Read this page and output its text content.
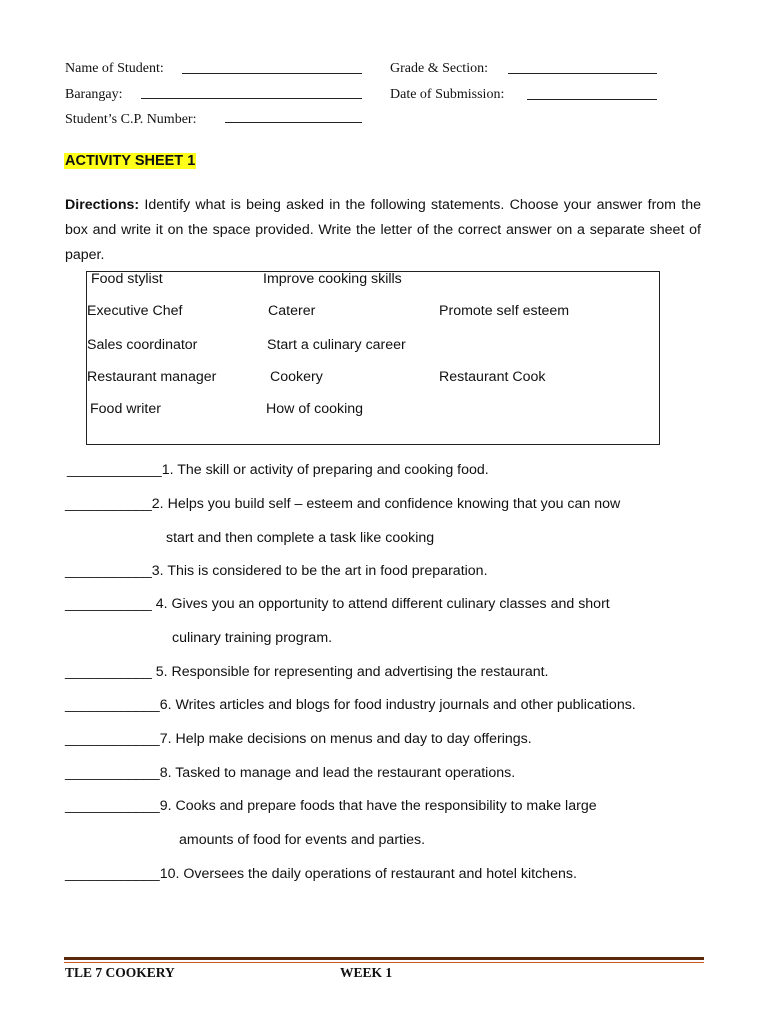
Name of Student:	Grade & Section:
Barangay:	Date of Submission:
Student’s C.P. Number:
ACTIVITY SHEET 1
Directions: Identify what is being asked in the following statements. Choose your answer from the box and write it on the space provided. Write the letter of the correct answer on a separate sheet of paper.
Food stylist	Improve cooking skills
Executive Chef	Caterer	Promote self esteem
Sales coordinator	Start a culinary career
Restaurant manager	Cookery	Restaurant Cook
Food writer	How of cooking
____________1. The skill or activity of preparing and cooking food.
___________2. Helps you build self – esteem and confidence knowing that you can now
start and then complete a task like cooking
___________3. This is considered to be the art in food preparation.
___________ 4. Gives you an opportunity to attend different culinary classes and short
culinary training program.
___________ 5. Responsible for representing and advertising the restaurant.
____________6. Writes articles and blogs for food industry journals and other publications.
____________7. Help make decisions on menus and day to day offerings.
____________8. Tasked to manage and lead the restaurant operations.
____________9. Cooks and prepare foods that have the responsibility to make large
amounts of food for events and parties.
____________10. Oversees the daily operations of restaurant and hotel kitchens.
TLE 7 COOKERY	WEEK 1
